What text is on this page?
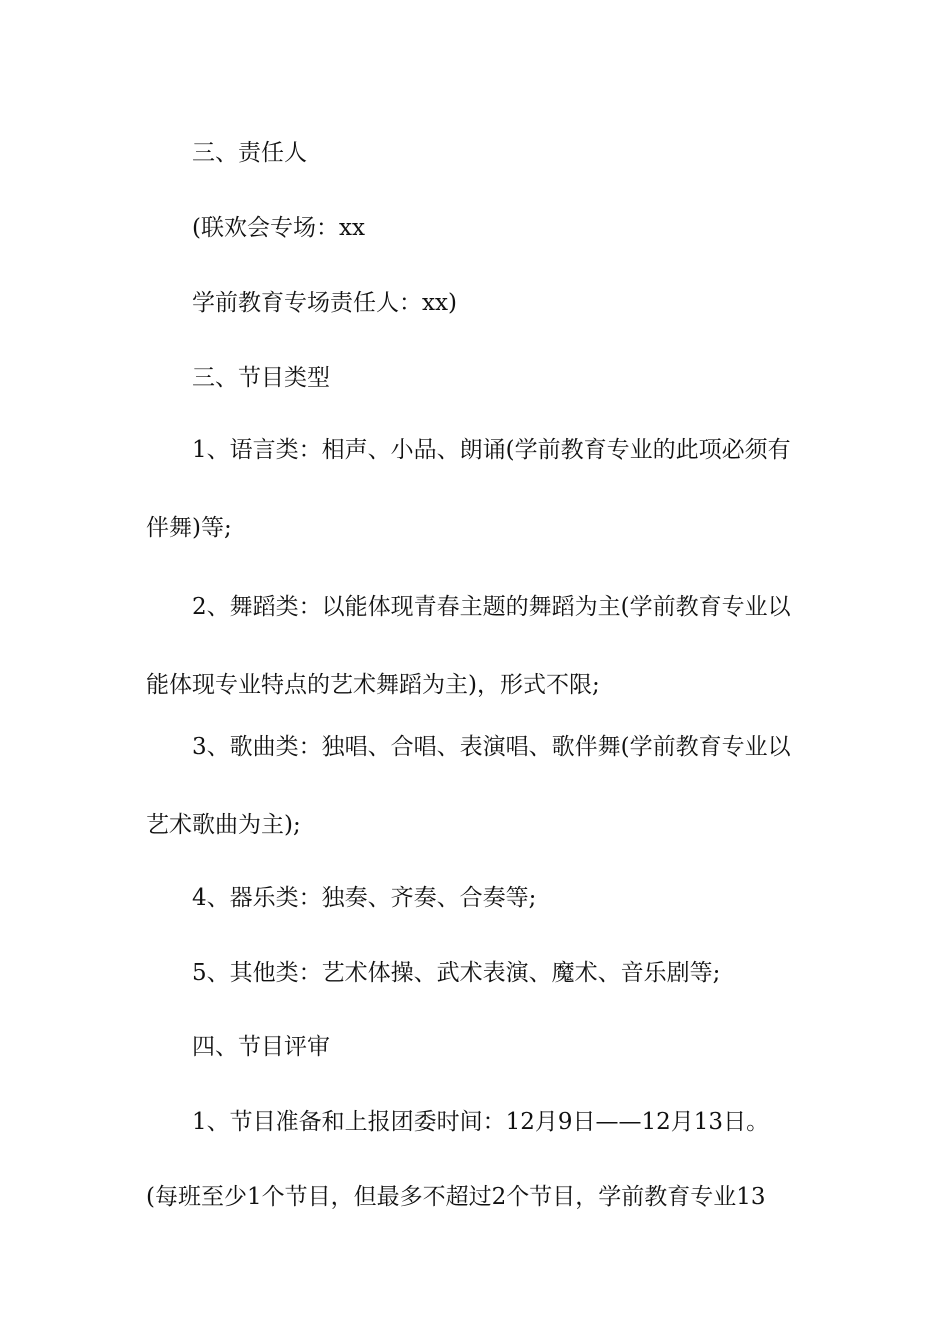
三、责任人

(联欢会专场：xx

学前教育专场责任人：xx)

三、节目类型

1、语言类：相声、小品、朗诵(学前教育专业的此项必须有伴舞)等;

2、舞蹈类：以能体现青春主题的舞蹈为主(学前教育专业以能体现专业特点的艺术舞蹈为主)，形式不限;

3、歌曲类：独唱、合唱、表演唱、歌伴舞(学前教育专业以艺术歌曲为主);

4、器乐类：独奏、齐奏、合奏等;

5、其他类：艺术体操、武术表演、魔术、音乐剧等;

四、节目评审

1、节目准备和上报团委时间：12月9日——12月13日。

(每班至少1个节目，但最多不超过2个节目，学前教育专业13
